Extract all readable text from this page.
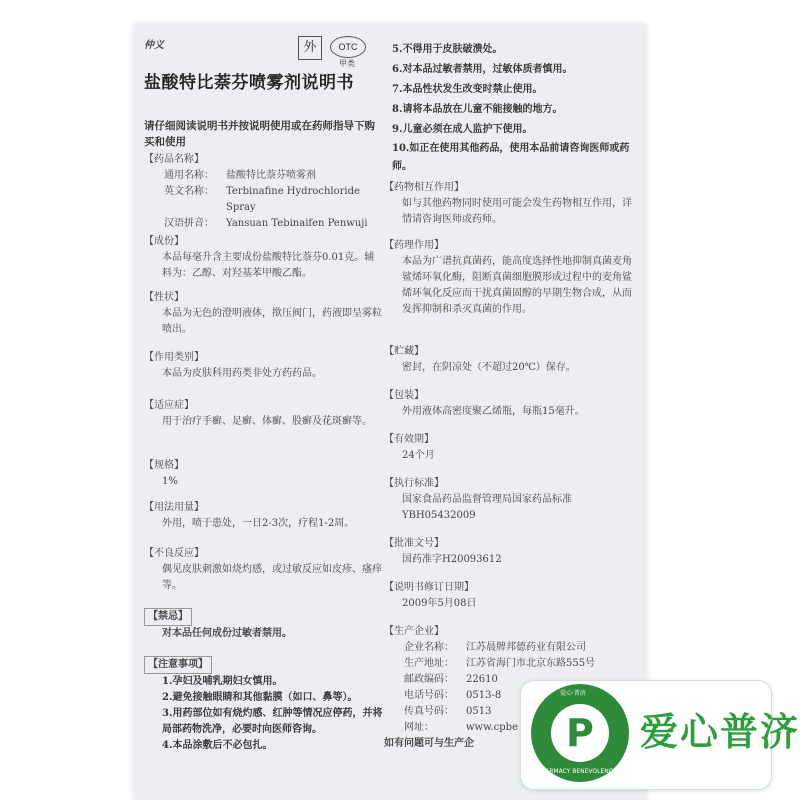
仲义	外	OTC
甲类
盐酸特比萘芬喷雾剂说明书
请仔细阅读说明书并按说明使用或在药师指导下购买和使用
【药品名称】
通用名称：	盐酸特比萘芬喷雾剂
英文名称：	Terbinafine Hydrochloride Spray
汉语拼音：	Yansuan Tebinaifen Penwuji
【成份】
本品每毫升含主要成份盐酸特比萘芬0.01克。辅料为：乙醇、对羟基苯甲酸乙酯。
【性状】
本品为无色的澄明液体，揿压阀门，药液即呈雾粒喷出。
【作用类别】
本品为皮肤科用药类非处方药药品。
【适应症】
用于治疗手癣、足癣、体癣、股癣及花斑癣等。
【规格】
1%
【用法用量】
外用，喷于患处，一日2-3次，疗程1-2周。
【不良反应】
偶见皮肤刺激如烧灼感，或过敏反应如皮疹、瘙痒等。
【禁忌】
对本品任何成份过敏者禁用。
【注意事项】
1.孕妇及哺乳期妇女慎用。
2.避免接触眼睛和其他黏膜（如口、鼻等）。
3.用药部位如有烧灼感、红肿等情况应停药，并将局部药物洗净，必要时向医师咨询。
4.本品涂敷后不必包扎。
5.不得用于皮肤破溃处。
6.对本品过敏者禁用，过敏体质者慎用。
7.本品性状发生改变时禁止使用。
8.请将本品放在儿童不能接触的地方。
9.儿童必须在成人监护下使用。
10.如正在使用其他药品，使用本品前请咨询医师或药师。
【药物相互作用】
如与其他药物同时使用可能会发生药物相互作用，详情请咨询医师或药师。
【药理作用】
本品为广谱抗真菌药，能高度选择性地抑制真菌麦角鲨烯环氧化酶，阻断真菌细胞膜形成过程中的麦角鲨烯环氧化反应而干扰真菌固醇的早期生物合成，从而发挥抑制和杀灭真菌的作用。
【贮藏】
密封，在阴凉处（不超过20℃）保存。
【包装】
外用液体高密度聚乙烯瓶，每瓶15毫升。
【有效期】
24个月
【执行标准】
国家食品药品监督管理局国家药品标准YBH05432009
【批准文号】
国药准字H20093612
【说明书修订日期】
2009年5月08日
【生产企业】
企业名称：	江苏晨牌邦德药业有限公司
生产地址：	江苏省海门市北京东路555号
邮政编码：	22610
电话号码：	0513-8
传真号码：	0513
网址：	www.cpbe
如有问题可与生产企	P
爱心·普济
PHARMACY BENEVOLENCE PU JI
爱心普济
